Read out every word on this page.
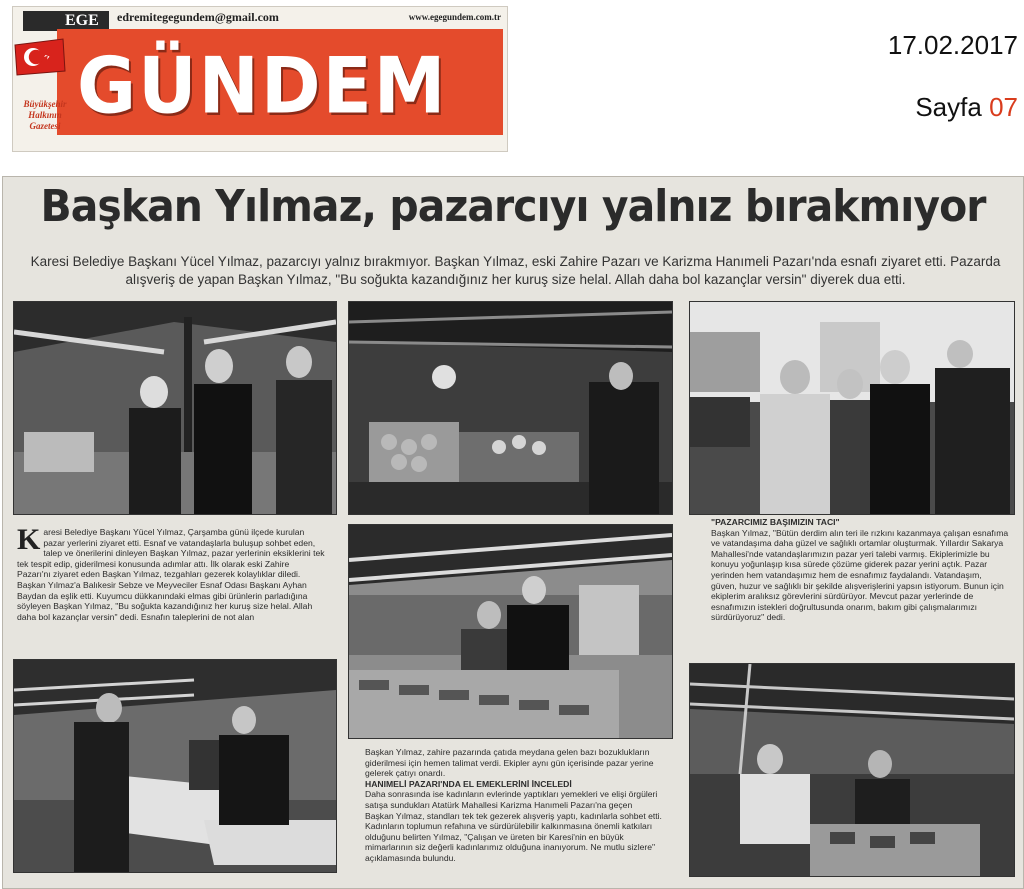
EGE	edremitegegundem@gmail.com	www.egegundem.com.tr
GÜNDEM
Büyükşehir Halkının Gazetesi
17.02.2017
Sayfa 07
Başkan Yılmaz, pazarcıyı yalnız bırakmıyor
Karesi Belediye Başkanı Yücel Yılmaz, pazarcıyı yalnız bırakmıyor. Başkan Yılmaz, eski Zahire Pazarı ve Karizma Hanımeli Pazarı'nda esnafı ziyaret etti. Pazarda alışveriş de yapan Başkan Yılmaz, "Bu soğukta kazandığınız her kuruş size helal. Allah daha bol kazançlar versin" diyerek dua etti.
K aresi Belediye Başkanı Yücel Yılmaz, Çarşamba günü ilçede kurulan pazar yerlerini ziyaret etti. Esnaf ve vatandaşlarla buluşup sohbet eden, talep ve önerilerini dinleyen Başkan Yılmaz, pazar yerlerinin eksiklerini tek tek tespit edip, giderilmesi konusunda adımlar attı. İlk olarak eski Zahire Pazarı'nı ziyaret eden Başkan Yılmaz, tezgahları gezerek kolaylıklar diledi. Başkan Yılmaz'a Balıkesir Sebze ve Meyveciler Esnaf Odası Başkanı Ayhan Baydan da eşlik etti. Kuyumcu dükkanındaki elmas gibi ürünlerin parladığına söyleyen Başkan Yılmaz, "Bu soğukta kazandığınız her kuruş size helal. Allah daha bol kazançlar versin" dedi. Esnafın taleplerini de not alan

"PAZARCIMIZ BAŞIMIZIN TACI"

Başkan Yılmaz, "Bütün derdim alın teri ile rızkını kazanmaya çalışan esnafıma ve vatandaşıma daha güzel ve sağlıklı ortamlar oluşturmak. Yıllardır Sakarya Mahallesi'nde vatandaşlarımızın pazar yeri talebi varmış. Ekiplerimizle bu konuyu yoğunlaşıp kısa sürede çözüme giderek pazar yerini açtık. Pazar yerinden hem vatandaşımız hem de esnafımız faydalandı. Vatandaşım, güven, huzur ve sağlıklı bir şekilde alışverişlerini yapsın istiyorum. Bunun için ekiplerim aralıksız görevlerini sürdürüyor. Mevcut pazar yerlerinde de esnafımızın istekleri doğrultusunda onarım, bakım gibi çalışmalarımızı sürdürüyoruz" dedi.

Başkan Yılmaz, zahire pazarında çatıda meydana gelen bazı bozuklukların giderilmesi için hemen talimat verdi. Ekipler aynı gün içerisinde pazar yerine gelerek çatıyı onardı.

HANIMELİ PAZARI'NDA EL EMEKLERİNİ İNCELEDİ

Daha sonrasında ise kadınların evlerinde yaptıkları yemekleri ve elişi örgüleri satışa sundukları Atatürk Mahallesi Karizma Hanımeli Pazarı'na geçen Başkan Yılmaz, standları tek tek gezerek alışveriş yaptı, kadınlarla sohbet etti. Kadınların toplumun refahına ve sürdürülebilir kalkınmasına önemli katkıları olduğunu belirten Yılmaz, "Çalışan ve üreten bir Karesi'nin en büyük mimarlarının siz değerli kadınlarımız olduğuna inanıyorum. Ne mutlu sizlere" açıklamasında bulundu.
